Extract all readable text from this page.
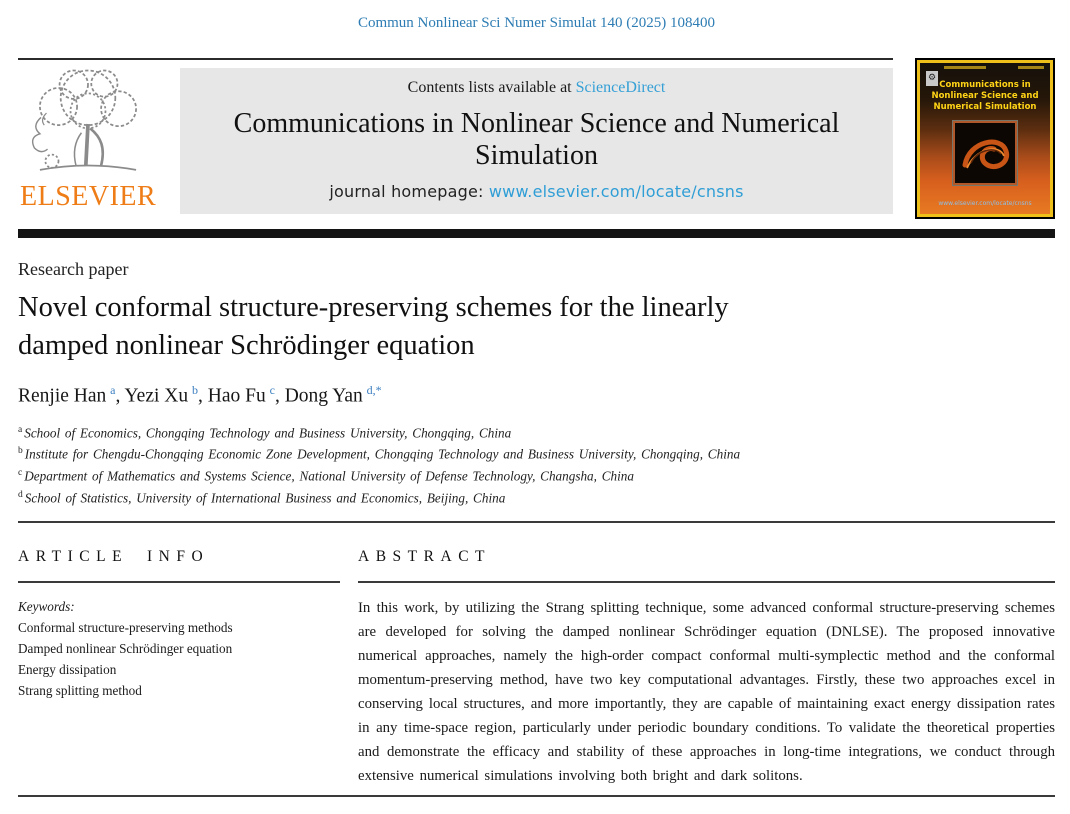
Commun Nonlinear Sci Numer Simulat 140 (2025) 108400
ELSEVIER
Contents lists available at ScienceDirect
Communications in Nonlinear Science and Numerical Simulation
journal homepage: www.elsevier.com/locate/cnsns
⚙
Communications in
Nonlinear Science and
Numerical Simulation
www.elsevier.com/locate/cnsns
Research paper
Novel conformal structure-preserving schemes for the linearly damped nonlinear Schrödinger equation
Renjie Han  $^a$, Yezi Xu  $^b$, Hao Fu  $^c$, Dong Yan  $^{d,*}$
$^a$ School of Economics, Chongqing Technology and Business University, Chongqing, China
$^b$ Institute for Chengdu-Chongqing Economic Zone Development, Chongqing Technology and Business University, Chongqing, China
$^c$ Department of Mathematics and Systems Science, National University of Defense Technology, Changsha, China
$^d$ School of Statistics, University of International Business and Economics, Beijing, China
ARTICLE INFO
Keywords:
Conformal structure-preserving methods
Damped nonlinear Schrödinger equation
Energy dissipation
Strang splitting method
ABSTRACT
In this work, by utilizing the Strang splitting technique, some advanced conformal structure-preserving schemes are developed for solving the damped nonlinear Schrödinger equation (DNLSE). The proposed innovative numerical approaches, namely the high-order compact conformal multi-symplectic method and the conformal momentum-preserving method, have two key computational advantages. Firstly, these two approaches excel in conserving local structures, and more importantly, they are capable of maintaining exact energy dissipation rates in any time-space region, particularly under periodic boundary conditions. To validate the theoretical properties and demonstrate the efficacy and stability of these approaches in long-time integrations, we conduct through extensive numerical simulations involving both bright and dark solitons.
